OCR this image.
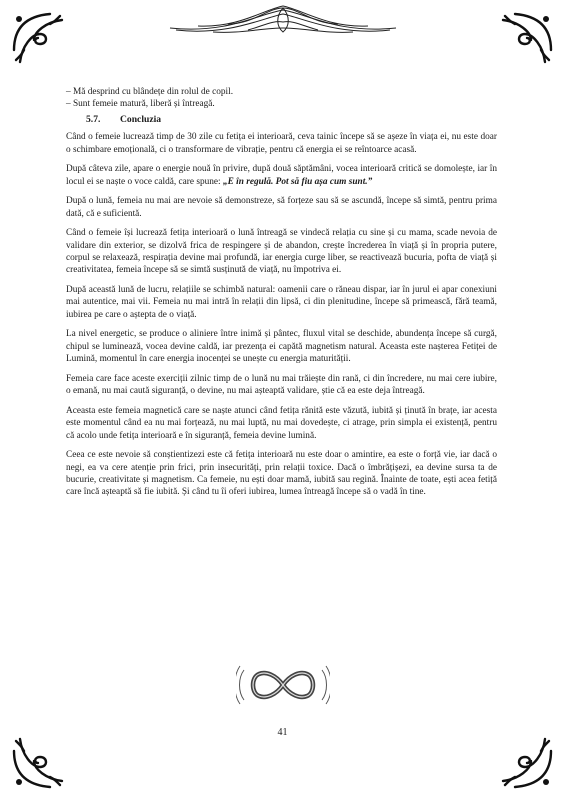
– Mă desprind cu blândețe din rolul de copil.

– Sunt femeie matură, liberă și întreagă.

5.7. Concluzia

Când o femeie lucrează timp de 30 zile cu fetița ei interioară, ceva tainic începe să se așeze în viața ei, nu este doar o schimbare emoțională, ci o transformare de vibrație, pentru că energia ei se reîntoarce acasă.

După câteva zile, apare o energie nouă în privire, după două săptămâni, vocea interioară critică se domolește, iar în locul ei se naște o voce caldă, care spune: „E în regulă. Pot să fiu așa cum sunt.”

După o lună, femeia nu mai are nevoie să demonstreze, să forțeze sau să se ascundă, începe să simtă, pentru prima dată, că e suficientă.

Când o femeie își lucrează fetița interioară o lună întreagă se vindecă relația cu sine și cu mama, scade nevoia de validare din exterior, se dizolvă frica de respingere și de abandon, crește încrederea în viață și în propria putere, corpul se relaxează, respirația devine mai profundă, iar energia curge liber, se reactivează bucuria, pofta de viață și creativitatea, femeia începe să se simtă susținută de viață, nu împotriva ei.

După această lună de lucru, relațiile se schimbă natural: oamenii care o răneau dispar, iar în jurul ei apar conexiuni mai autentice, mai vii. Femeia nu mai intră în relații din lipsă, ci din plenitudine, începe să primească, fără teamă, iubirea pe care o aștepta de o viață.

La nivel energetic, se produce o aliniere între inimă și pântec, fluxul vital se deschide, abundența începe să curgă, chipul se luminează, vocea devine caldă, iar prezența ei capătă magnetism natural. Aceasta este nașterea Fetiței de Lumină, momentul în care energia inocenței se unește cu energia maturității.

Femeia care face aceste exerciții zilnic timp de o lună nu mai trăiește din rană, ci din încredere, nu mai cere iubire, o emană, nu mai caută siguranță, o devine, nu mai așteaptă validare, știe că ea este deja întreagă.

Aceasta este femeia magnetică care se naște atunci când fetița rănită este văzută, iubită și ținută în brațe, iar acesta este momentul când ea nu mai forțează, nu mai luptă, nu mai dovedește, ci atrage, prin simpla ei existență, pentru că acolo unde fetița interioară e în siguranță, femeia devine lumină.

Ceea ce este nevoie să conștientizezi este că fetița interioară nu este doar o amintire, ea este o forță vie, iar dacă o negi, ea va cere atenție prin frici, prin insecurități, prin relații toxice. Dacă o îmbrățișezi, ea devine sursa ta de bucurie, creativitate și magnetism. Ca femeie, nu ești doar mamă, iubită sau regină. Înainte de toate, ești acea fetiță care încă așteaptă să fie iubită. Și când tu îi oferi iubirea, lumea întreagă începe să o vadă în tine.

41
